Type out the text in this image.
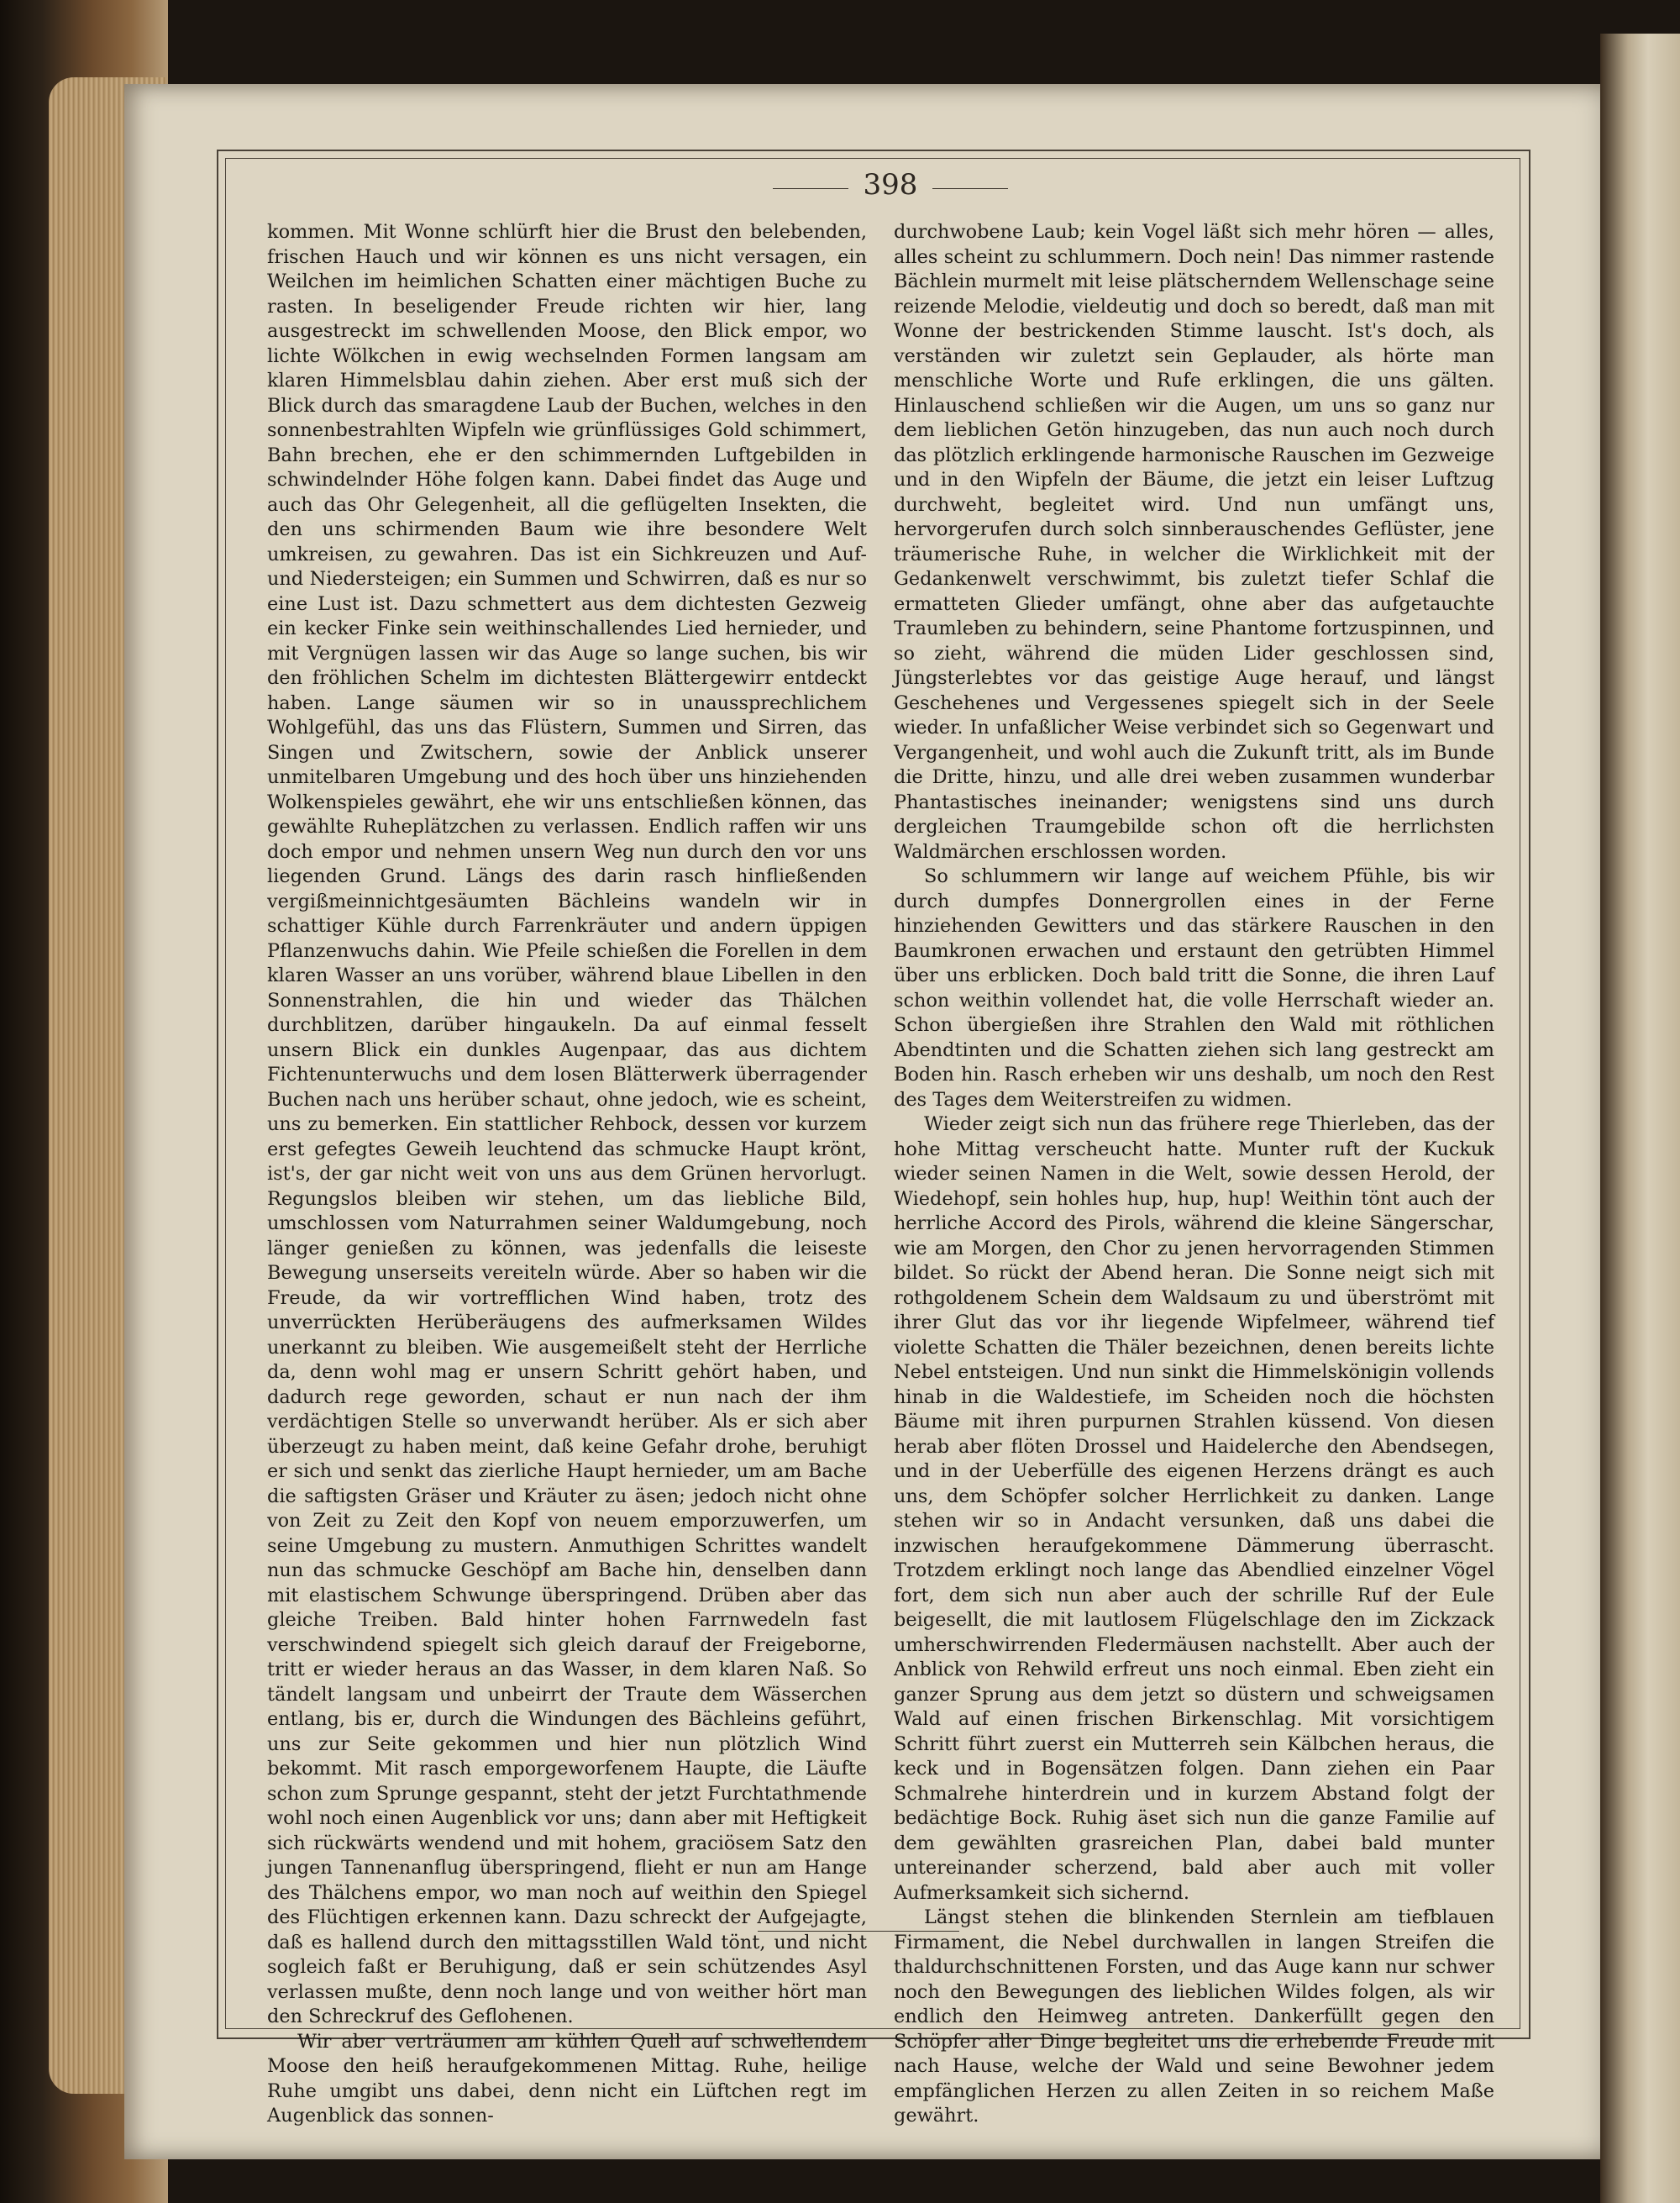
398

kommen. Mit Wonne schlürft hier die Brust den belebenden, frischen Hauch und wir können es uns nicht versagen, ein Weilchen im heimlichen Schatten einer mächtigen Buche zu rasten. In beseligender Freude richten wir hier, lang ausgestreckt im schwellenden Moose, den Blick empor, wo lichte Wölkchen in ewig wechselnden Formen langsam am klaren Himmelsblau dahin ziehen. Aber erst muß sich der Blick durch das smaragdene Laub der Buchen, welches in den sonnenbestrahlten Wipfeln wie grünflüssiges Gold schimmert, Bahn brechen, ehe er den schimmernden Luftgebilden in schwindelnder Höhe folgen kann. Dabei findet das Auge und auch das Ohr Gelegenheit, all die geflügelten Insekten, die den uns schirmenden Baum wie ihre besondere Welt umkreisen, zu gewahren. Das ist ein Sichkreuzen und Auf- und Niedersteigen; ein Summen und Schwirren, daß es nur so eine Lust ist. Dazu schmettert aus dem dichtesten Gezweig ein kecker Finke sein weithinschallendes Lied hernieder, und mit Vergnügen lassen wir das Auge so lange suchen, bis wir den fröhlichen Schelm im dichtesten Blättergewirr entdeckt haben. Lange säumen wir so in unaussprechlichem Wohlgefühl, das uns das Flüstern, Summen und Sirren, das Singen und Zwitschern, sowie der Anblick unserer unmitelbaren Umgebung und des hoch über uns hinziehenden Wolkenspieles gewährt, ehe wir uns entschließen können, das gewählte Ruheplätzchen zu verlassen. Endlich raffen wir uns doch empor und nehmen unsern Weg nun durch den vor uns liegenden Grund. Längs des darin rasch hinfließenden vergißmeinnichtgesäumten Bächleins wandeln wir in schattiger Kühle durch Farrenkräuter und andern üppigen Pflanzenwuchs dahin. Wie Pfeile schießen die Forellen in dem klaren Wasser an uns vorüber, während blaue Libellen in den Sonnenstrahlen, die hin und wieder das Thälchen durchblitzen, darüber hingaukeln. Da auf einmal fesselt unsern Blick ein dunkles Augenpaar, das aus dichtem Fichtenunterwuchs und dem losen Blätterwerk überragender Buchen nach uns herüber schaut, ohne jedoch, wie es scheint, uns zu bemerken. Ein stattlicher Rehbock, dessen vor kurzem erst gefegtes Geweih leuchtend das schmucke Haupt krönt, ist's, der gar nicht weit von uns aus dem Grünen hervorlugt. Regungslos bleiben wir stehen, um das liebliche Bild, umschlossen vom Naturrahmen seiner Waldumgebung, noch länger genießen zu können, was jedenfalls die leiseste Bewegung unserseits vereiteln würde. Aber so haben wir die Freude, da wir vortrefflichen Wind haben, trotz des unverrückten Herüberäugens des aufmerksamen Wildes unerkannt zu bleiben. Wie ausgemeißelt steht der Herrliche da, denn wohl mag er unsern Schritt gehört haben, und dadurch rege geworden, schaut er nun nach der ihm verdächtigen Stelle so unverwandt herüber. Als er sich aber überzeugt zu haben meint, daß keine Gefahr drohe, beruhigt er sich und senkt das zierliche Haupt hernieder, um am Bache die saftigsten Gräser und Kräuter zu äsen; jedoch nicht ohne von Zeit zu Zeit den Kopf von neuem emporzuwerfen, um seine Umgebung zu mustern. Anmuthigen Schrittes wandelt nun das schmucke Geschöpf am Bache hin, denselben dann mit elastischem Schwunge überspringend. Drüben aber das gleiche Treiben. Bald hinter hohen Farrnwedeln fast verschwindend spiegelt sich gleich darauf der Freigeborne, tritt er wieder heraus an das Wasser, in dem klaren Naß. So tändelt langsam und unbeirrt der Traute dem Wässerchen entlang, bis er, durch die Windungen des Bächleins geführt, uns zur Seite gekommen und hier nun plötzlich Wind bekommt. Mit rasch emporgeworfenem Haupte, die Läufte schon zum Sprunge gespannt, steht der jetzt Furchtathmende wohl noch einen Augenblick vor uns; dann aber mit Heftigkeit sich rückwärts wendend und mit hohem, graciösem Satz den jungen Tannenanflug überspringend, flieht er nun am Hange des Thälchens empor, wo man noch auf weithin den Spiegel des Flüchtigen erkennen kann. Dazu schreckt der Aufgejagte, daß es hallend durch den mittagsstillen Wald tönt, und nicht sogleich faßt er Beruhigung, daß er sein schützendes Asyl verlassen mußte, denn noch lange und von weither hört man den Schreckruf des Geflohenen.

Wir aber verträumen am kühlen Quell auf schwellendem Moose den heiß heraufgekommenen Mittag. Ruhe, heilige Ruhe umgibt uns dabei, denn nicht ein Lüftchen regt im Augenblick das sonnen-

durchwobene Laub; kein Vogel läßt sich mehr hören — alles, alles scheint zu schlummern. Doch nein! Das nimmer rastende Bächlein murmelt mit leise plätscherndem Wellenschage seine reizende Melodie, vieldeutig und doch so beredt, daß man mit Wonne der bestrickenden Stimme lauscht. Ist's doch, als verständen wir zuletzt sein Geplauder, als hörte man menschliche Worte und Rufe erklingen, die uns gälten. Hinlauschend schließen wir die Augen, um uns so ganz nur dem lieblichen Getön hinzugeben, das nun auch noch durch das plötzlich erklingende harmonische Rauschen im Gezweige und in den Wipfeln der Bäume, die jetzt ein leiser Luftzug durchweht, begleitet wird. Und nun umfängt uns, hervorgerufen durch solch sinnberauschendes Geflüster, jene träumerische Ruhe, in welcher die Wirklichkeit mit der Gedankenwelt verschwimmt, bis zuletzt tiefer Schlaf die ermatteten Glieder umfängt, ohne aber das aufgetauchte Traumleben zu behindern, seine Phantome fortzuspinnen, und so zieht, während die müden Lider geschlossen sind, Jüngsterlebtes vor das geistige Auge herauf, und längst Geschehenes und Vergessenes spiegelt sich in der Seele wieder. In unfaßlicher Weise verbindet sich so Gegenwart und Vergangenheit, und wohl auch die Zukunft tritt, als im Bunde die Dritte, hinzu, und alle drei weben zusammen wunderbar Phantastisches ineinander; wenigstens sind uns durch dergleichen Traumgebilde schon oft die herrlichsten Waldmärchen erschlossen worden.

So schlummern wir lange auf weichem Pfühle, bis wir durch dumpfes Donnergrollen eines in der Ferne hinziehenden Gewitters und das stärkere Rauschen in den Baumkronen erwachen und erstaunt den getrübten Himmel über uns erblicken. Doch bald tritt die Sonne, die ihren Lauf schon weithin vollendet hat, die volle Herrschaft wieder an. Schon übergießen ihre Strahlen den Wald mit röthlichen Abendtinten und die Schatten ziehen sich lang gestreckt am Boden hin. Rasch erheben wir uns deshalb, um noch den Rest des Tages dem Weiterstreifen zu widmen.

Wieder zeigt sich nun das frühere rege Thierleben, das der hohe Mittag verscheucht hatte. Munter ruft der Kuckuk wieder seinen Namen in die Welt, sowie dessen Herold, der Wiedehopf, sein hohles hup, hup, hup! Weithin tönt auch der herrliche Accord des Pirols, während die kleine Sängerschar, wie am Morgen, den Chor zu jenen hervorragenden Stimmen bildet. So rückt der Abend heran. Die Sonne neigt sich mit rothgoldenem Schein dem Waldsaum zu und überströmt mit ihrer Glut das vor ihr liegende Wipfelmeer, während tief violette Schatten die Thäler bezeichnen, denen bereits lichte Nebel entsteigen. Und nun sinkt die Himmelskönigin vollends hinab in die Waldestiefe, im Scheiden noch die höchsten Bäume mit ihren purpurnen Strahlen küssend. Von diesen herab aber flöten Drossel und Haidelerche den Abendsegen, und in der Ueberfülle des eigenen Herzens drängt es auch uns, dem Schöpfer solcher Herrlichkeit zu danken. Lange stehen wir so in Andacht versunken, daß uns dabei die inzwischen heraufgekommene Dämmerung überrascht. Trotzdem erklingt noch lange das Abendlied einzelner Vögel fort, dem sich nun aber auch der schrille Ruf der Eule beigesellt, die mit lautlosem Flügelschlage den im Zickzack umherschwirrenden Fledermäusen nachstellt. Aber auch der Anblick von Rehwild erfreut uns noch einmal. Eben zieht ein ganzer Sprung aus dem jetzt so düstern und schweigsamen Wald auf einen frischen Birkenschlag. Mit vorsichtigem Schritt führt zuerst ein Mutterreh sein Kälbchen heraus, die keck und in Bogensätzen folgen. Dann ziehen ein Paar Schmalrehe hinterdrein und in kurzem Abstand folgt der bedächtige Bock. Ruhig äset sich nun die ganze Familie auf dem gewählten grasreichen Plan, dabei bald munter untereinander scherzend, bald aber auch mit voller Aufmerksamkeit sich sichernd.

Längst stehen die blinkenden Sternlein am tiefblauen Firmament, die Nebel durchwallen in langen Streifen die thaldurchschnittenen Forsten, und das Auge kann nur schwer noch den Bewegungen des lieblichen Wildes folgen, als wir endlich den Heimweg antreten. Dankerfüllt gegen den Schöpfer aller Dinge begleitet uns die erhebende Freude mit nach Hause, welche der Wald und seine Bewohner jedem empfänglichen Herzen zu allen Zeiten in so reichem Maße gewährt.
